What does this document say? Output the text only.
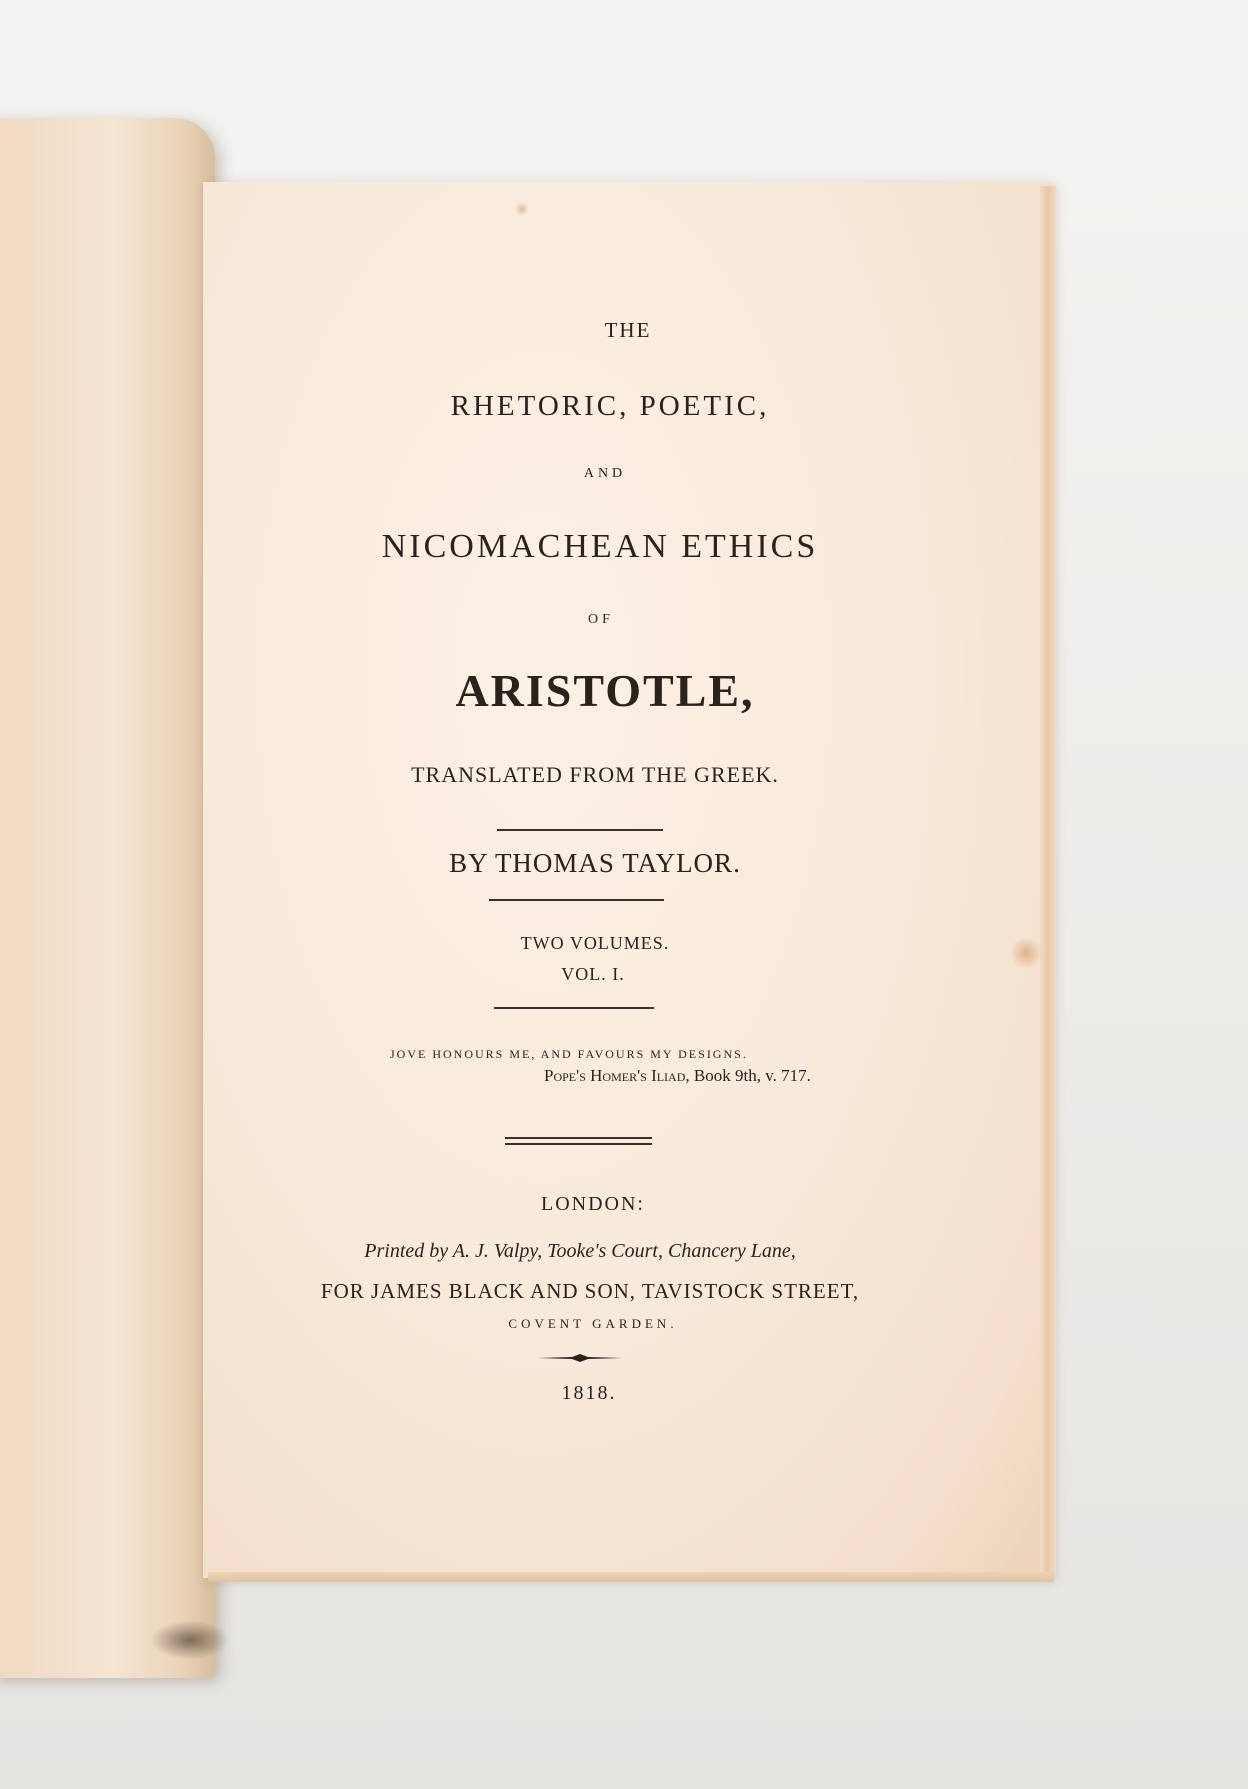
THE
RHETORIC, POETIC,
AND
NICOMACHEAN ETHICS
OF
ARISTOTLE,
TRANSLATED FROM THE GREEK.
BY THOMAS TAYLOR.
TWO VOLUMES.
VOL. I.
JOVE HONOURS ME, AND FAVOURS MY DESIGNS.
Pope's Homer's Iliad, Book 9th, v. 717.
LONDON:
Printed by A. J. Valpy, Tooke's Court, Chancery Lane,
FOR JAMES BLACK AND SON, TAVISTOCK STREET,
COVENT GARDEN.
1818.
